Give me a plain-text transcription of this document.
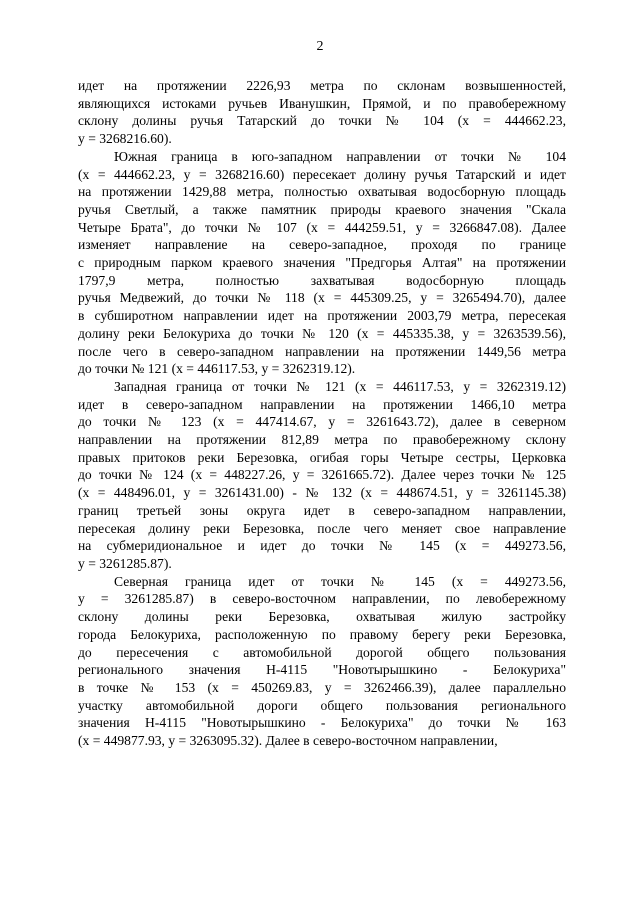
2
идет на протяжении 2226,93 метра по склонам возвышенностей,
являющихся истоками ручьев Иванушкин, Прямой, и по правобережному
склону долины ручья Татарский до точки № 104 (x = 444662.23,
y = 3268216.60).
Южная граница в юго-западном направлении от точки № 104
(x = 444662.23, y = 3268216.60) пересекает долину ручья Татарский и идет
на протяжении 1429,88 метра, полностью охватывая водосборную площадь
ручья Светлый, а также памятник природы краевого значения "Скала
Четыре Брата", до точки № 107 (x = 444259.51, y = 3266847.08). Далее
изменяет направление на северо-западное, проходя по границе
с природным парком краевого значения "Предгорья Алтая" на протяжении
1797,9 метра, полностью захватывая водосборную площадь
ручья Медвежий, до точки № 118 (x = 445309.25, y = 3265494.70), далее
в субширотном направлении идет на протяжении 2003,79 метра, пересекая
долину реки Белокуриха до точки № 120 (x = 445335.38, y = 3263539.56),
после чего в северо-западном направлении на протяжении 1449,56 метра
до точки № 121 (x = 446117.53, y = 3262319.12).
Западная граница от точки № 121 (x = 446117.53, y = 3262319.12)
идет в северо-западном направлении на протяжении 1466,10 метра
до точки № 123 (x = 447414.67, y = 3261643.72), далее в северном
направлении на протяжении 812,89 метра по правобережному склону
правых притоков реки Березовка, огибая горы Четыре сестры, Церковка
до точки № 124 (x = 448227.26, y = 3261665.72). Далее через точки № 125
(x = 448496.01, y = 3261431.00) - № 132 (x = 448674.51, y = 3261145.38)
границ третьей зоны округа идет в северо-западном направлении,
пересекая долину реки Березовка, после чего меняет свое направление
на субмеридиональное и идет до точки № 145 (x = 449273.56,
y = 3261285.87).
Северная граница идет от точки № 145 (x = 449273.56,
y = 3261285.87) в северо-восточном направлении, по левобережному
склону долины реки Березовка, охватывая жилую застройку
города Белокуриха, расположенную по правому берегу реки Березовка,
до пересечения с автомобильной дорогой общего пользования
регионального значения Н-4115 "Новотырышкино - Белокуриха"
в точке № 153 (x = 450269.83, y = 3262466.39), далее параллельно
участку автомобильной дороги общего пользования регионального
значения Н-4115 "Новотырышкино - Белокуриха" до точки № 163
(x = 449877.93, y = 3263095.32). Далее в северо-восточном направлении,
